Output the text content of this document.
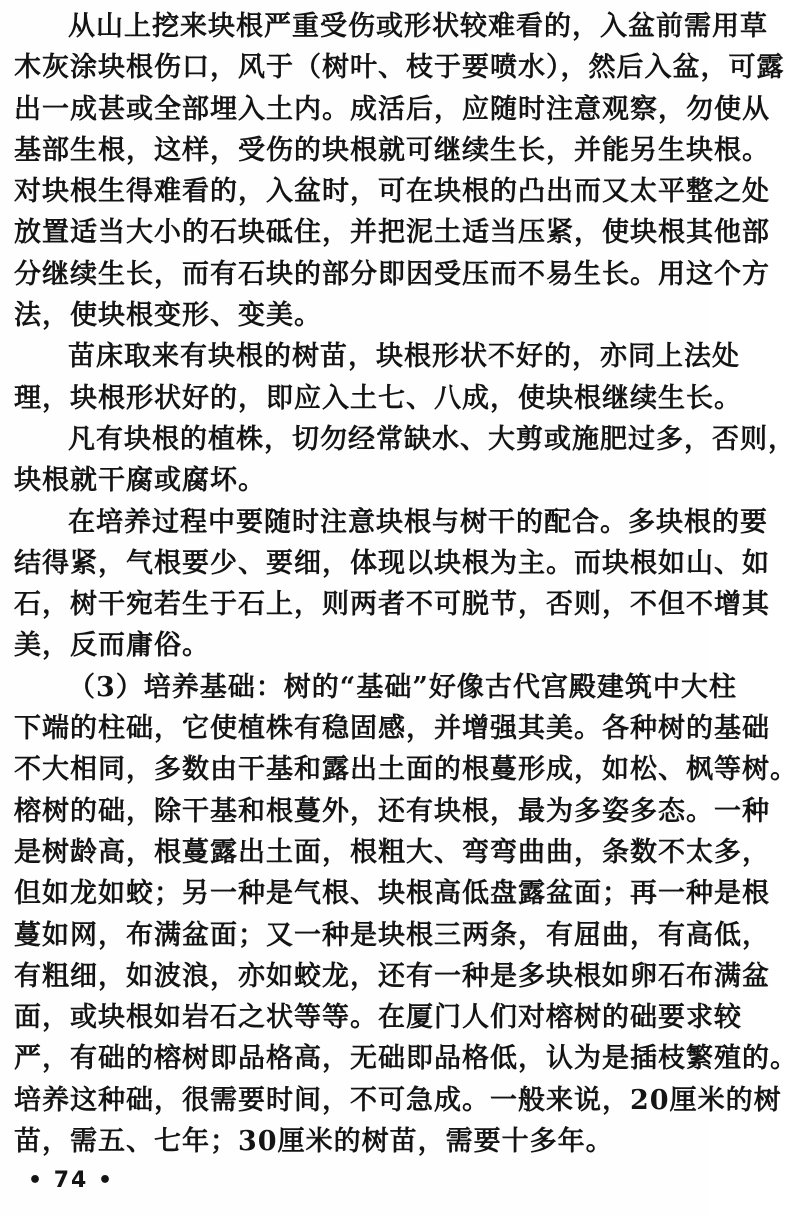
从山上挖来块根严重受伤或形状较难看的，入盆前需用草
木灰涂块根伤口，风于（树叶、枝于要喷水），然后入盆，可露
出一成甚或全部埋入土内。成活后，应随时注意观察，勿使从
基部生根，这样，受伤的块根就可继续生长，并能另生块根。
对块根生得难看的，入盆时，可在块根的凸出而又太平整之处
放置适当大小的石块砥住，并把泥土适当压紧，使块根其他部
分继续生长，而有石块的部分即因受压而不易生长。用这个方
法，使块根变形、变美。
苗床取来有块根的树苗，块根形状不好的，亦同上法处
理，块根形状好的，即应入土七、八成，使块根继续生长。
凡有块根的植株，切勿经常缺水、大剪或施肥过多，否则，
块根就干腐或腐坏。
在培养过程中要随时注意块根与树干的配合。多块根的要
结得紧，气根要少、要细，体现以块根为主。而块根如山、如
石，树干宛若生于石上，则两者不可脱节，否则，不但不增其
美，反而庸俗。
（3）培养基础：树的“基础”好像古代宫殿建筑中大柱
下端的柱础，它使植株有稳固感，并增强其美。各种树的基础
不大相同，多数由干基和露出土面的根蔓形成，如松、枫等树。
榕树的础，除干基和根蔓外，还有块根，最为多姿多态。一种
是树龄高，根蔓露出土面，根粗大、弯弯曲曲，条数不太多，
但如龙如蛟；另一种是气根、块根高低盘露盆面；再一种是根
蔓如网，布满盆面；又一种是块根三两条，有屈曲，有高低，
有粗细，如波浪，亦如蛟龙，还有一种是多块根如卵石布满盆
面，或块根如岩石之状等等。在厦门人们对榕树的础要求较
严，有础的榕树即品格高，无础即品格低，认为是插枝繁殖的。
培养这种础，很需要时间，不可急成。一般来说，20厘米的树
苗，需五、七年；30厘米的树苗，需要十多年。
• 74 •
